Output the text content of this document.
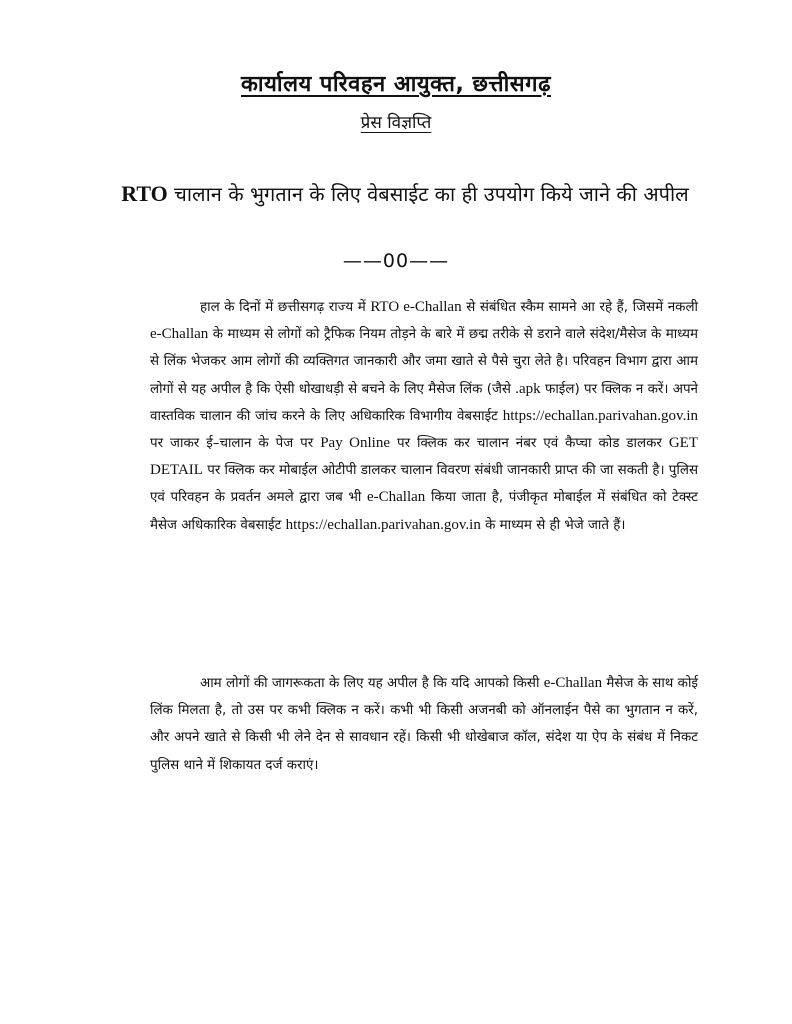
कार्यालय परिवहन आयुक्त, छत्तीसगढ़
प्रेस विज्ञप्ति
RTO चालान के भुगतान के लिए वेबसाईट का ही उपयोग किये जाने की अपील
——00——

हाल के दिनों में छत्तीसगढ़ राज्य में RTO e-Challan से संबंधित स्कैम सामने आ रहे हैं, जिसमें नकली e-Challan के माध्यम से लोगों को ट्रैफिक नियम तोड़ने के बारे में छद्म तरीके से डराने वाले संदेश/मैसेज के माध्यम से लिंक भेजकर आम लोगों की व्यक्तिगत जानकारी और जमा खाते से पैसे चुरा लेते है। परिवहन विभाग द्वारा आम लोगों से यह अपील है कि ऐसी धोखाधड़ी से बचने के लिए मैसेज लिंक (जैसे .apk फाईल) पर क्लिक न करें। अपने वास्तविक चालान की जांच करने के लिए अधिकारिक विभागीय वेबसाईट https://echallan.parivahan.gov.in पर जाकर ई–चालान के पेज पर Pay Online पर क्लिक कर चालान नंबर एवं कैप्चा कोड डालकर GET DETAIL पर क्लिक कर मोबाईल ओटीपी डालकर चालान विवरण संबंधी जानकारी प्राप्त की जा सकती है। पुलिस एवं परिवहन के प्रवर्तन अमले द्वारा जब भी e-Challan किया जाता है, पंजीकृत मोबाईल में संबंधित को टेक्स्ट मैसेज अधिकारिक वेबसाईट https://echallan.parivahan.gov.in के माध्यम से ही भेजे जाते हैं।

आम लोगों की जागरूकता के लिए यह अपील है कि यदि आपको किसी e-Challan मैसेज के साथ कोई लिंक मिलता है, तो उस पर कभी क्लिक न करें। कभी भी किसी अजनबी को ऑनलाईन पैसे का भुगतान न करें, और अपने खाते से किसी भी लेने देन से सावधान रहें। किसी भी धोखेबाज कॉल, संदेश या ऐप के संबंध में निकट पुलिस थाने में शिकायत दर्ज कराएं।
